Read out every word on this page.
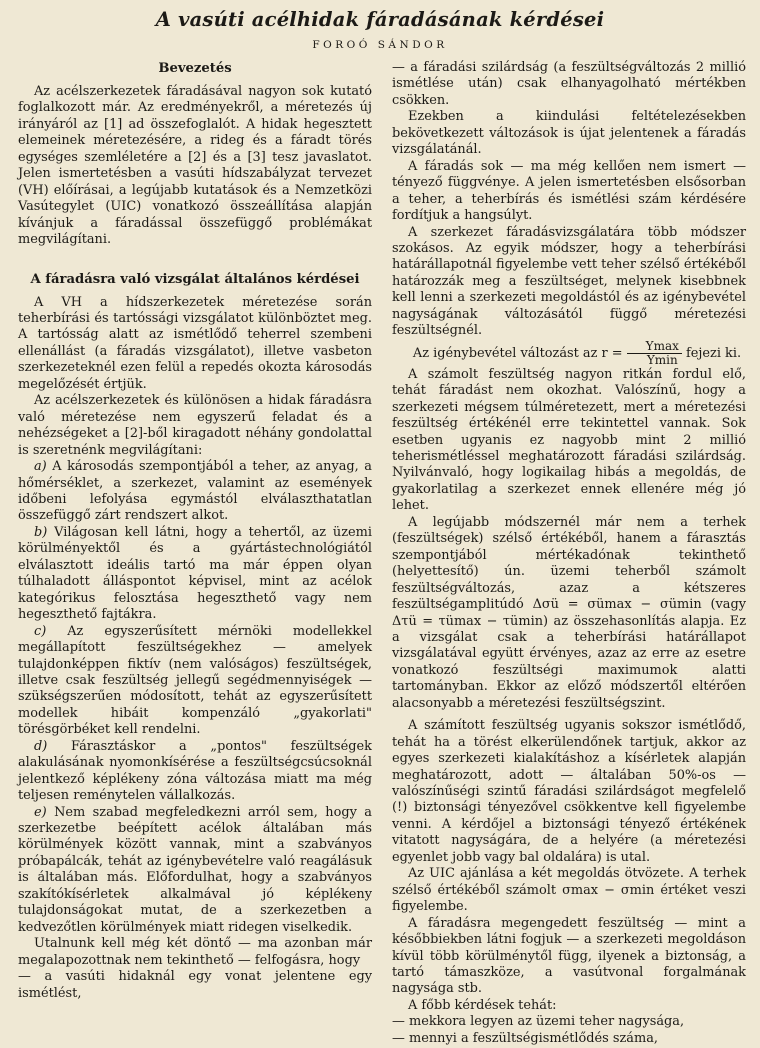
A vasúti acélhidak fáradásának kérdései
FOROÓ SÁNDOR
Bevezetés

Az acélszerkezetek fáradásával nagyon sok kutató foglalkozott már. Az eredményekről, a méretezés új irányáról az [1] ad összefoglalót. A hidak hegesztett elemeinek méretezésére, a rideg és a fáradt törés egységes szemléletére a [2] és a [3] tesz javaslatot. Jelen ismertetésben a vasúti hídszabályzat tervezet (VH) előírásai, a legújabb kutatások és a Nemzetközi Vasútegylet (UIC) vonatkozó összeállítása alapján kívánjuk a fáradással összefüggő problémákat megvilágítani.

A fáradásra való vizsgálat általános kérdései

A VH a hídszerkezetek méretezése során teherbírási és tartóssági vizsgálatot különböztet meg. A tartósság alatt az ismétlődő teherrel szembeni ellenállást (a fáradás vizsgálatot), illetve vasbeton szerkezeteknél ezen felül a repedés okozta károsodás megelőzését értjük.

Az acélszerkezetek és különösen a hidak fáradásra való méretezése nem egyszerű feladat és a nehézségeket a [2]-ből kiragadott néhány gondolattal is szeretnénk megvilágítani:

a) A károsodás szempontjából a teher, az anyag, a hőmérséklet, a szerkezet, valamint az események időbeni lefolyása egymástól elválaszthatatlan összefüggő zárt rendszert alkot.

b) Világosan kell látni, hogy a tehertől, az üzemi körülményektől és a gyártástechnológiától elválasztott ideális tartó ma már éppen olyan túlhaladott álláspontot képvisel, mint az acélok kategórikus felosztása hegeszthető vagy nem hegeszthető fajtákra.

c) Az egyszerűsített mérnöki modellekkel megállapított feszültségekhez — amelyek tulajdonképpen fiktív (nem valóságos) feszültségek, illetve csak feszültség jellegű segédmennyiségek — szükségszerűen módosított, tehát az egyszerűsített modellek hibáit kompenzáló „gyakorlati" törésgörbéket kell rendelni.

d) Fárasztáskor a „pontos" feszültségek alakulásának nyomonkísérése a feszültségcsúcsoknál jelentkező képlékeny zóna változása miatt ma még teljesen reménytelen vállalkozás.

e) Nem szabad megfeledkezni arról sem, hogy a szerkezetbe beépített acélok általában más körülmények között vannak, mint a szabványos próbapálcák, tehát az igénybevételre való reagálásuk is általában más. Előfordulhat, hogy a szabványos szakítókísérletek alkalmával jó képlékeny tulajdonságokat mutat, de a szerkezetben a kedvezőtlen körülmények miatt ridegen viselkedik.

Utalnunk kell még két döntő — ma azonban már megalapozottnak nem tekinthető — felfogásra, hogy

— a vasúti hidaknál egy vonat jelentene egy ismétlést,

— a fáradási szilárdság (a feszültségváltozás 2 millió ismétlése után) csak elhanyagolható mértékben csökken.

Ezekben a kiindulási feltételezésekben bekövetkezett változások is újat jelentenek a fáradás vizsgálatánál.

A fáradás sok — ma még kellően nem ismert — tényező függvénye. A jelen ismertetésben elsősorban a teher, a teherbírás és ismétlési szám kérdésére fordítjuk a hangsúlyt.

A szerkezet fáradásvizsgálatára több módszer szokásos. Az egyik módszer, hogy a teherbírási határállapotnál figyelembe vett teher szélső értékéből határozzák meg a feszültséget, melynek kisebbnek kell lenni a szerkezeti megoldástól és az igénybevétel nagyságának változásától függő méretezési feszültségnél.

Az igénybevétel változást az $r = \frac{Ymax}{Ymin}$ fejezi ki.

A számolt feszültség nagyon ritkán fordul elő, tehát fáradást nem okozhat. Valószínű, hogy a szerkezeti mégsem túlméretezett, mert a méretezési feszültség értékénél erre tekintettel vannak. Sok esetben ugyanis ez nagyobb mint 2 millió teherismétléssel meghatározott fáradási szilárdság. Nyilvánvaló, hogy logikailag hibás a megoldás, de gyakorlatilag a szerkezet ennek ellenére még jó lehet.

A legújabb módszernél már nem a terhek (feszültségek) szélső értékéből, hanem a fárasztás szempontjából mértékadónak tekinthető (helyettesítő) ún. üzemi teherből számolt feszültségváltozás, azaz a kétszeres feszültségamplitúdó Δσü = σümax − σümin (vagy Δτü = τümax − τümin) az összehasonlítás alapja. Ez a vizsgálat csak a teherbírási határállapot vizsgálatával együtt érvényes, azaz az erre az esetre vonatkozó feszültségi maximumok alatti tartományban. Ekkor az előző módszertől eltérően alacsonyabb a méretezési feszültségszint.

A számított feszültség ugyanis sokszor ismétlődő, tehát ha a törést elkerülendőnek tartjuk, akkor az egyes szerkezeti kialakításhoz a kísérletek alapján meghatározott, adott — általában 50%-os — valószínűségi szintű fáradási szilárdságot megfelelő (!) biztonsági tényezővel csökkentve kell figyelembe venni. A kérdőjel a biztonsági tényező értékének vitatott nagyságára, de a helyére (a méretezési egyenlet jobb vagy bal oldalára) is utal.

Az UIC ajánlása a két megoldás ötvözete. A terhek szélső értékéből számolt σmax − σmin értéket veszi figyelembe.

A fáradásra megengedett feszültség — mint a későbbiekben látni fogjuk — a szerkezeti megoldáson kívül több körülménytől függ, ilyenek a biztonság, a tartó támaszköze, a vasútvonal forgalmának nagysága stb.

A főbb kérdések tehát:

— mekkora legyen az üzemi teher nagysága,

— mennyi a feszültségismétlődés száma,
